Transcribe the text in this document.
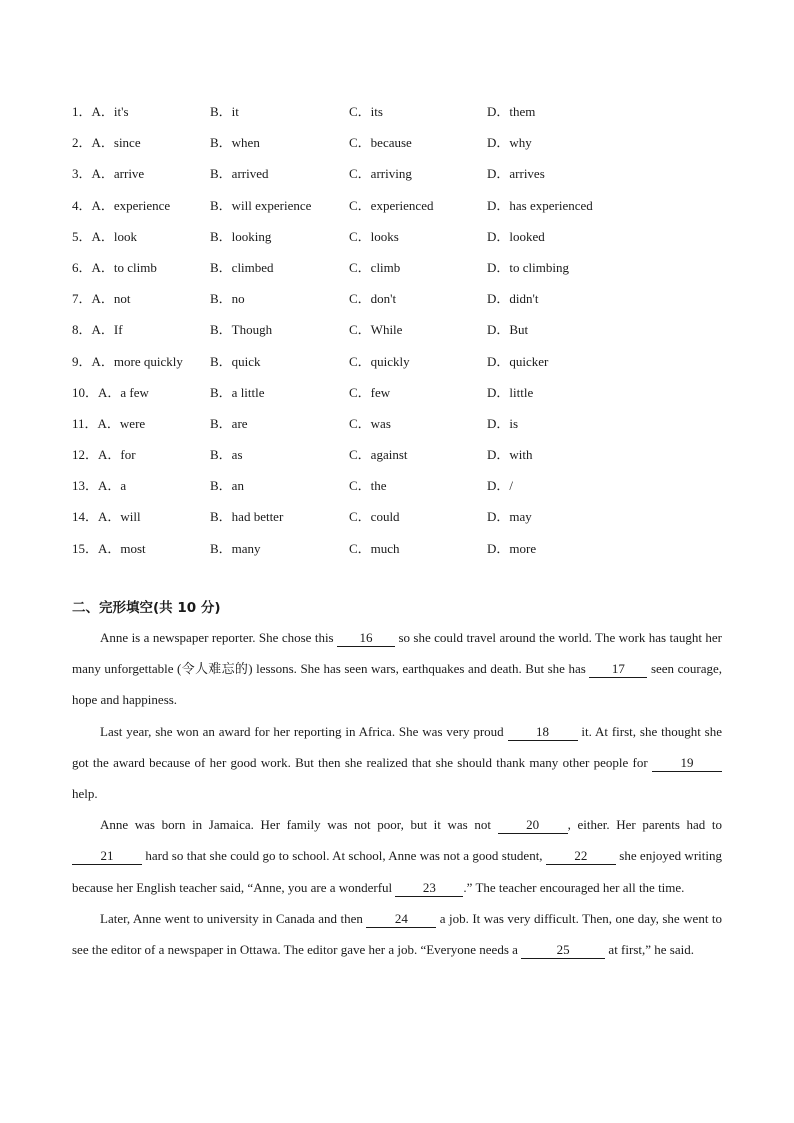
1．A．it's	B．it	C．its	D．them
2．A．since	B．when	C．because	D．why
3．A．arrive	B．arrived	C．arriving	D．arrives
4．A．experience	B．will experience	C．experienced	D．has experienced
5．A．look	B．looking	C．looks	D．looked
6．A．to climb	B．climbed	C．climb	D．to climbing
7．A．not	B．no	C．don't	D．didn't
8．A．If	B．Though	C．While	D．But
9．A．more quickly B．quick	C．quickly	D．quicker
10．A．a few	B．a little	C．few	D．little
11．A．were	B．are	C．was	D．is
12．A．for	B．as	C．against	D．with
13．A．a	B．an	C．the	D．/
14．A．will	B．had better	C．could	D．may
15．A．most	B．many	C．much	D．more
二、完形填空(共 10 分)

Anne is a newspaper reporter. She chose this 16 so she could travel around the world. The work has taught her many unforgettable (令人难忘的) lessons. She has seen wars, earthquakes and death. But she has 17 seen courage, hope and happiness.

Last year, she won an award for her reporting in Africa. She was very proud 18 it. At first, she thought she got the award because of her good work. But then she realized that she should thank many other people for 19 help.

Anne was born in Jamaica. Her family was not poor, but it was not 20 , either. Her parents had to 21 hard so that she could go to school. At school, Anne was not a good student, 22 she enjoyed writing because her English teacher said, “Anne, you are a wonderful 23 .” The teacher encouraged her all the time.

Later, Anne went to university in Canada and then 24 a job. It was very difficult. Then, one day, she went to see the editor of a newspaper in Ottawa. The editor gave her a job. “Everyone needs a	25	at first,” he said.
